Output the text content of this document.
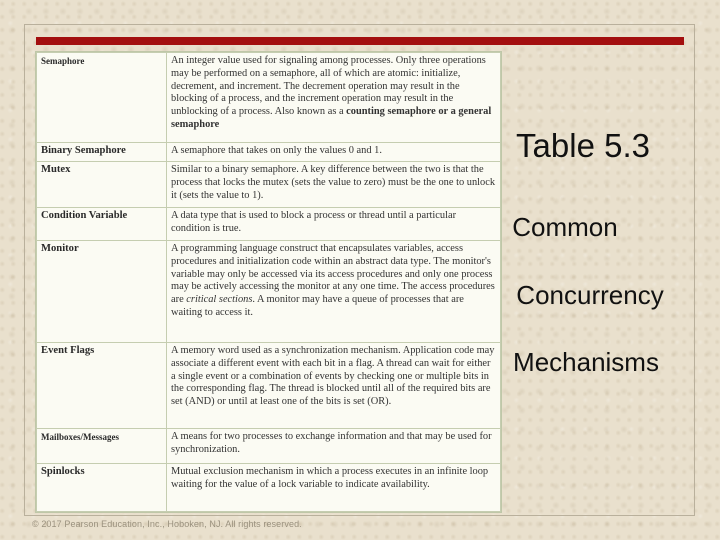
Semaphore	An integer value used for signaling among processes. Only three operations may be performed on a semaphore, all of which are atomic: initialize, decrement, and increment. The decrement operation may result in the blocking of a process, and the increment operation may result in the unblocking of a process. Also known as a counting semaphore or a general semaphore
Binary Semaphore	A semaphore that takes on only the values 0 and 1.
Mutex	Similar to a binary semaphore. A key difference between the two is that the process that locks the mutex (sets the value to zero) must be the one to unlock it (sets the value to 1).
Condition Variable	A data type that is used to block a process or thread until a particular condition is true.
Monitor	A programming language construct that encapsulates variables, access procedures and initialization code within an abstract data type. The monitor's variable may only be accessed via its access procedures and only one process may be actively accessing the monitor at any one time. The access procedures are critical sections. A monitor may have a queue of processes that are waiting to access it.
Event Flags	A memory word used as a synchronization mechanism. Application code may associate a different event with each bit in a flag. A thread can wait for either a single event or a combination of events by checking one or multiple bits in the corresponding flag. The thread is blocked until all of the required bits are set (AND) or until at least one of the bits is set (OR).
Mailboxes/Messages	A means for two processes to exchange information and that may be used for synchronization.
Spinlocks	Mutual exclusion mechanism in which a process executes in an infinite loop waiting for the value of a lock variable to indicate availability.
Table 5.3
Common
Concurrency
Mechanisms
© 2017 Pearson Education, Inc., Hoboken, NJ. All rights reserved.
